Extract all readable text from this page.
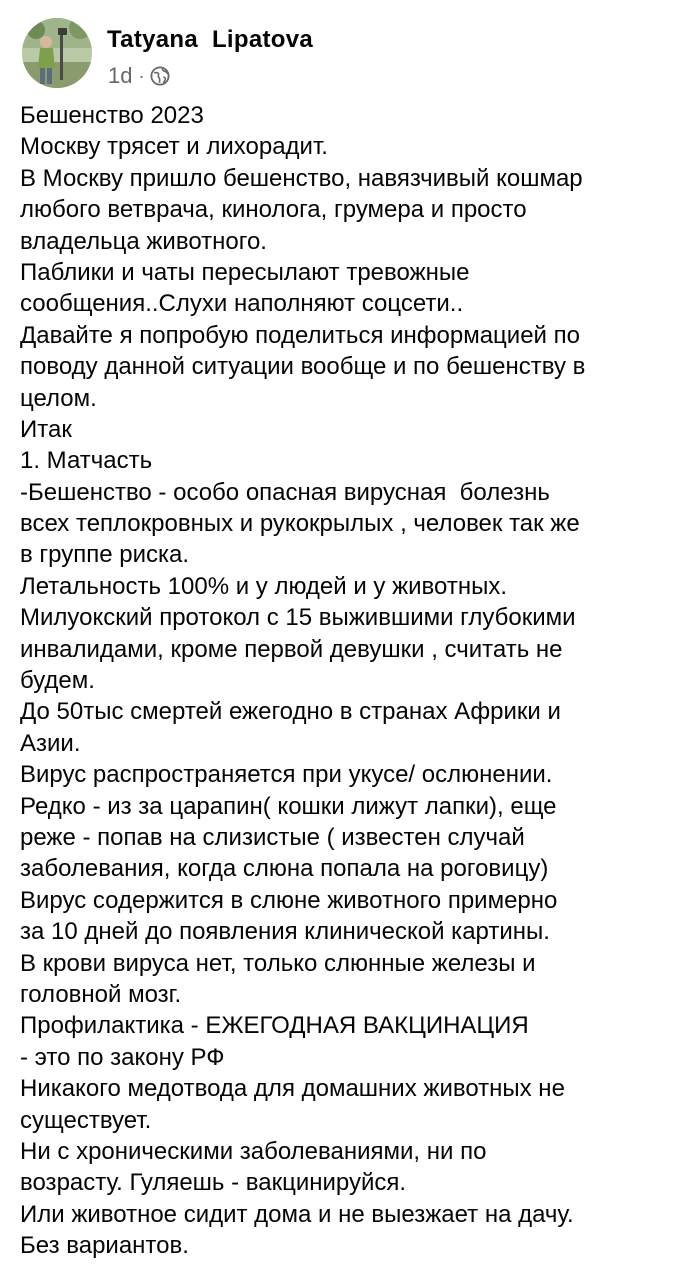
Tatyana  Lipatova
1d ·
Бешенство 2023
Москву трясет и лихорадит.
В Москву пришло бешенство, навязчивый кошмар
любого ветврача, кинолога, грумера и просто
владельца животного.
Паблики и чаты пересылают тревожные
сообщения..Слухи наполняют соцсети..
Давайте я попробую поделиться информацией по
поводу данной ситуации вообще и по бешенству в
целом.
Итак
1. Матчасть
-Бешенство - особо опасная вирусная  болезнь
всех теплокровных и рукокрылых , человек так же
в группе риска.
Летальность 100% и у людей и у животных.
Милуокский протокол с 15 выжившими глубокими
инвалидами, кроме первой девушки , считать не
будем.
До 50тыс смертей ежегодно в странах Африки и
Азии.
Вирус распространяется при укусе/ ослюнении.
Редко - из за царапин( кошки лижут лапки), еще
реже - попав на слизистые ( известен случай
заболевания, когда слюна попала на роговицу)
Вирус содержится в слюне животного примерно
за 10 дней до появления клинической картины.
В крови вируса нет, только слюнные железы и
головной мозг.
Профилактика - ЕЖЕГОДНАЯ ВАКЦИНАЦИЯ
- это по закону РФ
Никакого медотвода для домашних животных не
существует.
Ни с хроническими заболеваниями, ни по
возрасту. Гуляешь - вакцинируйся.
Или животное сидит дома и не выезжает на дачу.
Без вариантов.
